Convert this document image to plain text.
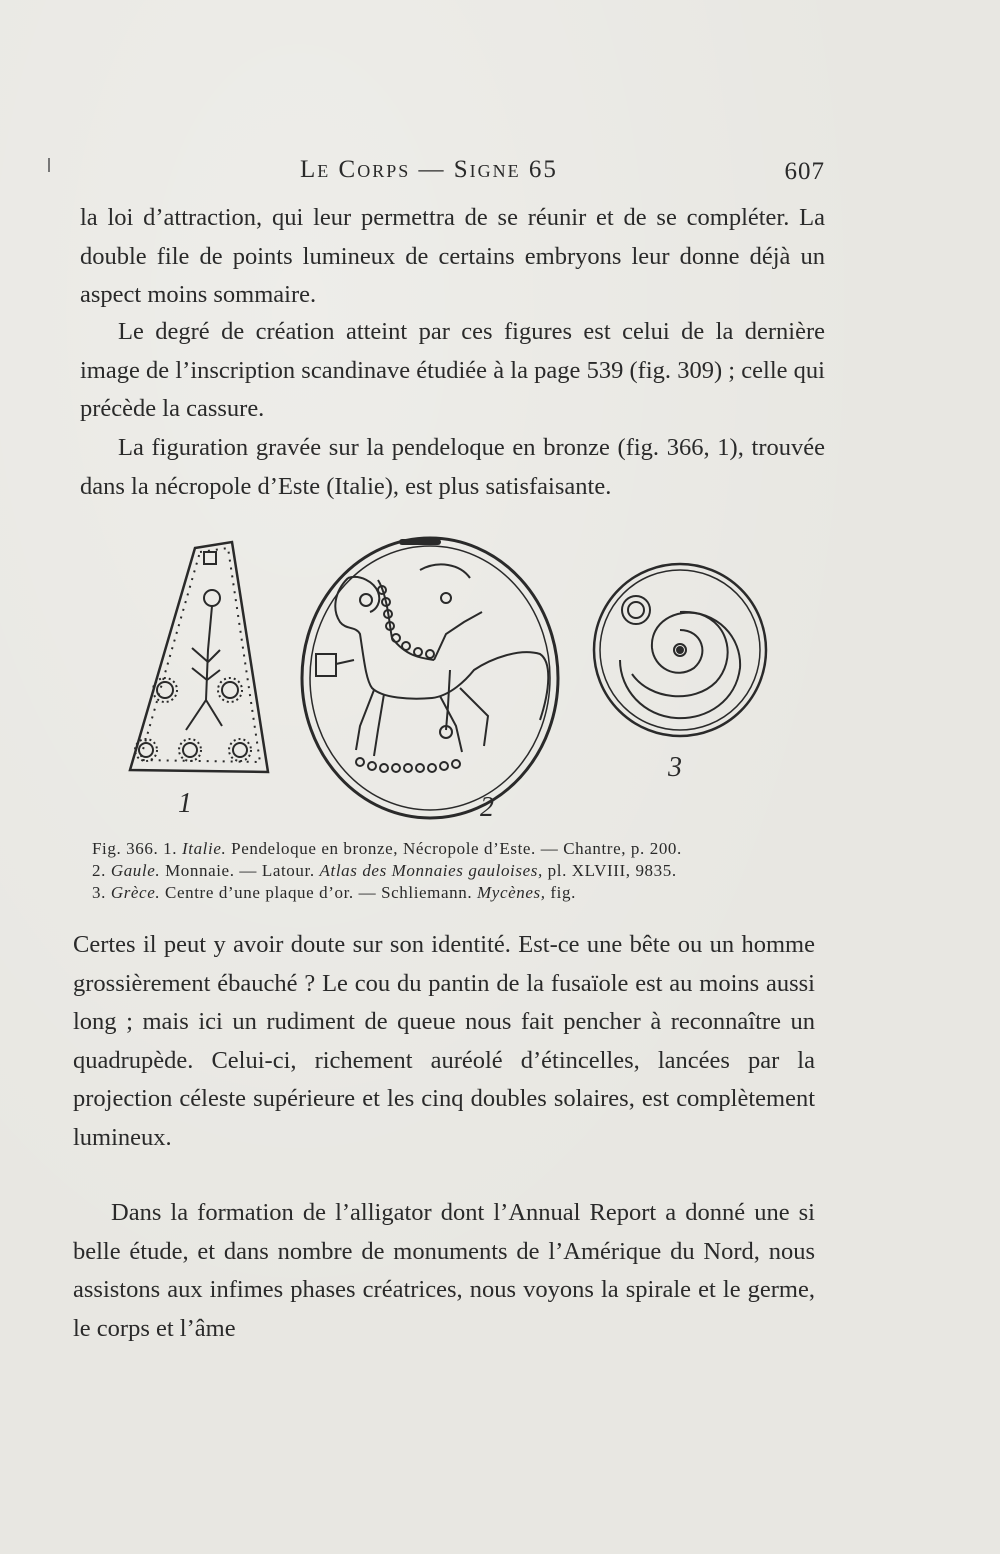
Le Corps — Signe 65	607

la loi d’attraction, qui leur permettra de se réunir et de se compléter. La double file de points lumineux de certains embryons leur donne déjà un aspect moins sommaire.

Le degré de création atteint par ces figures est celui de la dernière image de l’inscription scandinave étudiée à la page 539 (fig. 309) ; celle qui précède la cassure.

La figuration gravée sur la pendeloque en bronze (fig. 366, 1), trouvée dans la nécropole d’Este (Italie), est plus satisfaisante.

1	2
3
Fig. 366. 1. Italie. Pendeloque en bronze, Nécropole d’Este. — Chantre, p. 200.
2. Gaule. Monnaie. — Latour. Atlas des Monnaies gauloises, pl. XLVIII, 9835.
3. Grèce. Centre d’une plaque d’or. — Schliemann. Mycènes, fig.

Certes il peut y avoir doute sur son identité. Est-ce une bête ou un homme grossièrement ébauché ? Le cou du pantin de la fusaïole est au moins aussi long ; mais ici un rudiment de queue nous fait pencher à reconnaître un quadrupède. Celui-ci, richement auréolé d’étincelles, lancées par la projection céleste supérieure et les cinq doubles solaires, est complètement lumineux.

Dans la formation de l’alligator dont l’Annual Report a donné une si belle étude, et dans nombre de monuments de l’Amérique du Nord, nous assistons aux infimes phases créatrices, nous voyons la spirale et le germe, le corps et l’âme
